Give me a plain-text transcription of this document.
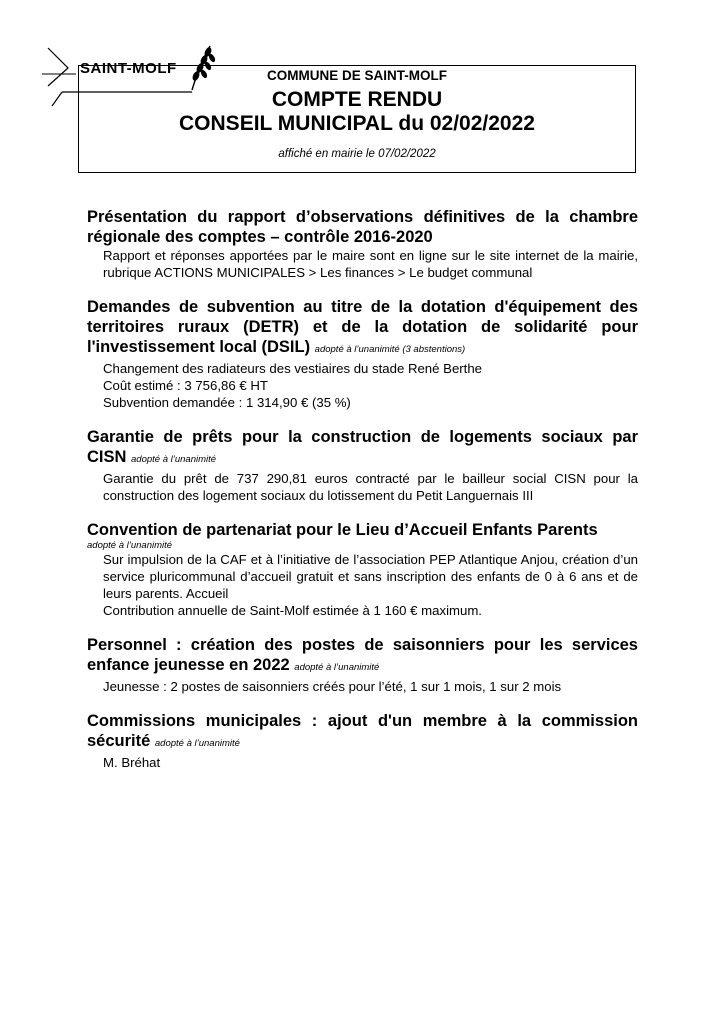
SAINT-MOLF	COMMUNE DE SAINT-MOLF
COMPTE RENDU
CONSEIL MUNICIPAL du 02/02/2022
affiché en mairie le 07/02/2022
Présentation du rapport d’observations définitives de la chambre régionale des comptes – contrôle 2016-2020

Rapport et réponses apportées par le maire sont en ligne sur le site internet de la mairie, rubrique ACTIONS MUNICIPALES > Les finances > Le budget communal

Demandes de subvention au titre de la dotation d'équipement des territoires ruraux (DETR) et de la dotation de solidarité pour l'investissement local (DSIL) adopté à l’unanimité (3 abstentions)

Changement des radiateurs des vestiaires du stade René Berthe

Coût estimé : 3 756,86 € HT

Subvention demandée : 1 314,90 € (35 %)

Garantie de prêts pour la construction de logements sociaux par CISN adopté à l’unanimité

Garantie du prêt de 737 290,81 euros contracté par le bailleur social CISN pour la construction des logement sociaux du lotissement du Petit Languernais III

Convention de partenariat pour le Lieu d’Accueil Enfants Parents
adopté à l’unanimité

Sur impulsion de la CAF et à l’initiative de l’association PEP Atlantique Anjou, création d’un service pluricommunal d’accueil gratuit et sans inscription des enfants de 0 à 6 ans et de leurs parents. Accueil

Contribution annuelle de Saint-Molf estimée à 1 160 € maximum.

Personnel : création des postes de saisonniers pour les services enfance jeunesse en 2022 adopté à l’unanimité

Jeunesse : 2 postes de saisonniers créés pour l’été, 1 sur 1 mois, 1 sur 2 mois

Commissions municipales : ajout d'un membre à la commission sécurité adopté à l’unanimité

M. Bréhat
